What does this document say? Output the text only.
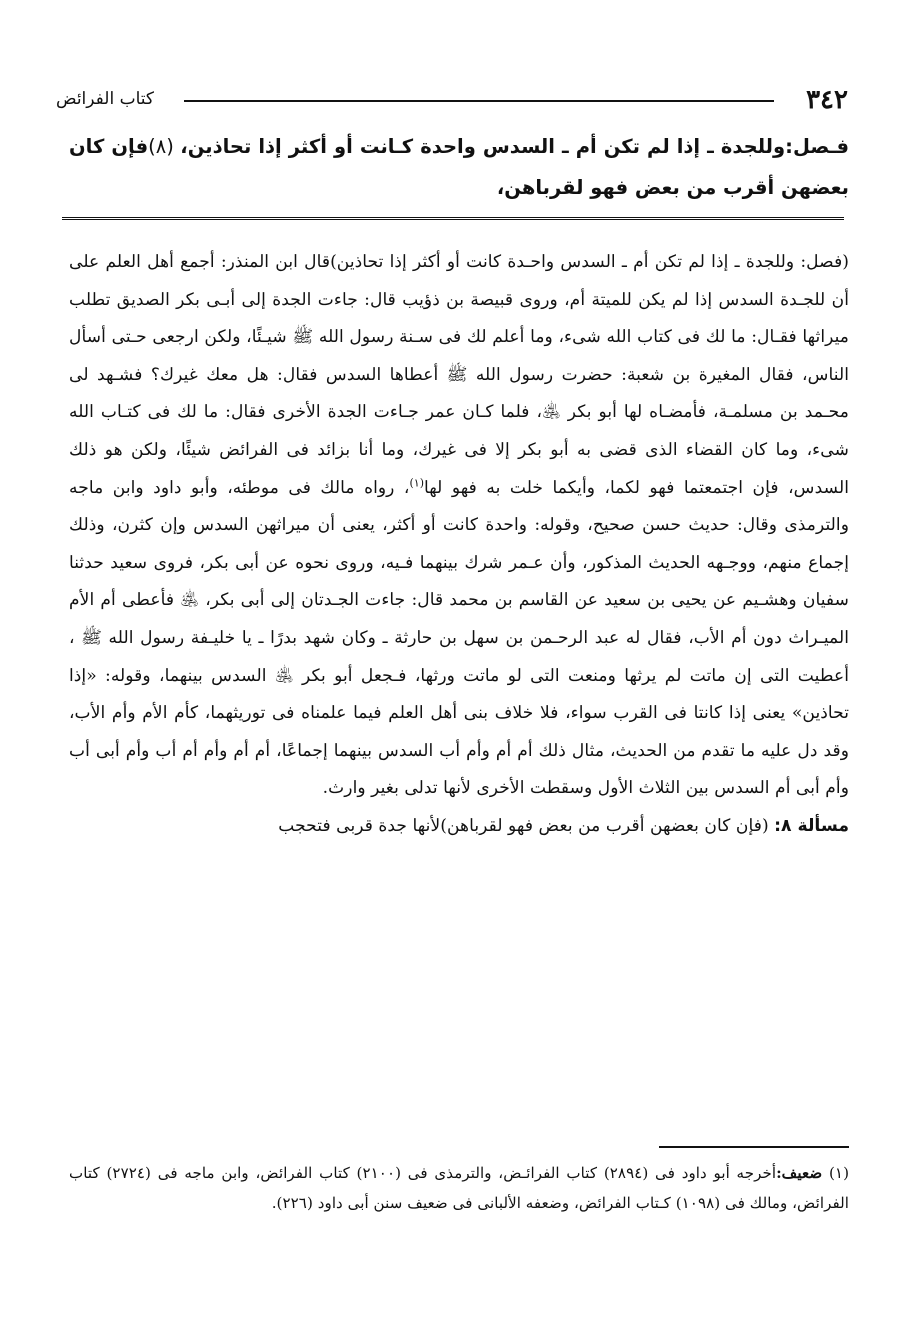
٣٤٢
كتاب الفرائض
فـصل:وللجدة ـ إذا لم تكن أم ـ السدس واحدة كـانت أو أكثر إذا تحاذين، (٨)فإن كان بعضهن أقرب من بعض فهو لقرباهن،
(فصل: وللجدة ـ إذا لم تكن أم ـ السدس واحـدة كانت أو أكثر إذا تحاذين)قال ابن المنذر: أجمع أهل العلم على أن للجـدة السدس إذا لم يكن للميتة أم، وروى قبيصة بن ذؤيب قال: جاءت الجدة إلى أبـى بكر الصديق تطلب ميراثها فقـال: ما لك فى كتاب الله شىء، وما أعلم لك فى سـنة رسول الله ﷺ شيـئًا، ولكن ارجعى حـتى أسأل الناس، فقال المغيرة بن شعبة: حضرت رسول الله ﷺ أعطاها السدس فقال: هل معك غيرك؟ فشـهد لى محـمد بن مسلمـة، فأمضـاه لها أبو بكر ﵁، فلما كـان عمر جـاءت الجدة الأخرى فقال: ما لك فى كتـاب الله شىء، وما كان القضاء الذى قضى به أبو بكر إلا فى غيرك، وما أنا بزائد فى الفرائض شيئًا، ولكن هو ذلك السدس، فإن اجتمعتما فهو لكما، وأيكما خلت به فهو لها$^{(١)}$، رواه مالك فى موطئه، وأبو داود وابن ماجه والترمذى وقال: حديث حسن صحيح، وقوله: واحدة كانت أو أكثر، يعنى أن ميراثهن السدس وإن كثرن، وذلك إجماع منهم، ووجـهه الحديث المذكور، وأن عـمر شرك بينهما فـيه، وروى نحوه عن أبى بكر، فروى سعيد حدثنا سفيان وهشـيم عن يحيى بن سعيد عن القاسم بن محمد قال: جاءت الجـدتان إلى أبى بكر، ﵁ فأعطى أم الأم الميـراث دون أم الأب، فقال له عبد الرحـمن بن سهل بن حارثة ـ وكان شهد بدرًا ـ يا خليـفة رسول الله ﷺ ، أعطيت التى إن ماتت لم يرثها ومنعت التى لو ماتت ورثها، فـجعل أبو بكر ﵁ السدس بينهما، وقوله: «إذا تحاذين» يعنى إذا كانتا فى القرب سواء، فلا خلاف بنى أهل العلم فيما علمناه فى توريثهما، كأم الأم وأم الأب، وقد دل عليه ما تقدم من الحديث، مثال ذلك أم أم وأم أب السدس بينهما إجماعًا، أم أم وأم أم أب وأم أبى أب وأم أبى أم السدس بين الثلاث الأول وسقطت الأخرى لأنها تدلى بغير وارث.
مسألة ٨: (فإن كان بعضهن أقرب من بعض فهو لقرباهن)لأنها جدة قربى فتحجب
(١) ضعيف:أخرجه أبو داود فى (٢٨٩٤) كتاب الفرائـض، والترمذى فى (٢١٠٠) كتاب الفرائض، وابن ماجه فى (٢٧٢٤) كتاب الفرائض، ومالك فى (١٠٩٨) كـتاب الفرائض، وضعفه الألبانى فى ضعيف سنن أبى داود (٢٢٦).
